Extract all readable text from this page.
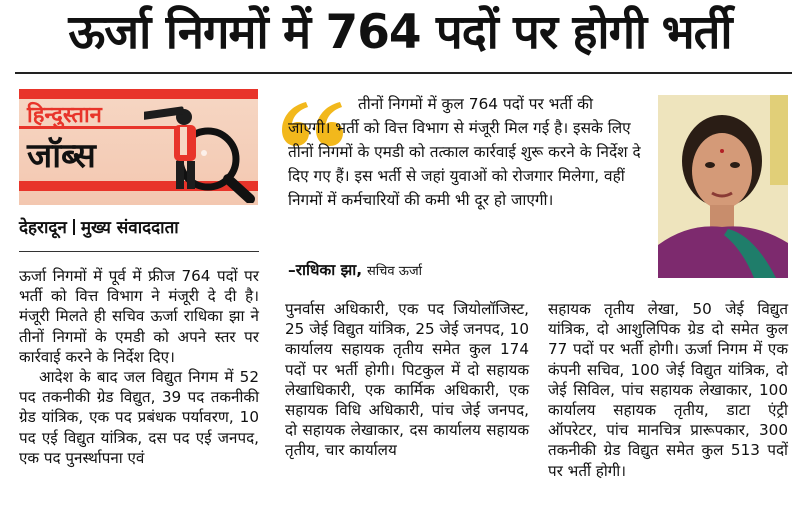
ऊर्जा निगमों में 764 पदों पर होगी भर्ती
हिन्दुस्तान
जॉब्स
देहरादून मुख्य संवाददाता

तीनों निगमों में कुल 764 पदों पर भर्ती की

जाएगी। भर्ती को वित्त विभाग से मंजूरी मिल गई है। इसके लिए तीनों निगमों के एमडी को तत्काल कार्रवाई शुरू करने के निर्देश दे दिए गए हैं। इस भर्ती से जहां युवाओं को रोजगार मिलेगा, वहीं निगमों में कर्मचारियों की कमी भी दूर हो जाएगी।

–राधिका झा, सचिव ऊर्जा

ऊर्जा निगमों में पूर्व में फ्रीज 764 पदों पर भर्ती को वित्त विभाग ने मंजूरी दे दी है। मंजूरी मिलते ही सचिव ऊर्जा राधिका झा ने तीनों निगमों के एमडी को अपने स्तर पर कार्रवाई करने के निर्देश दिए।

आदेश के बाद जल विद्युत निगम में 52 पद तकनीकी ग्रेड विद्युत, 39 पद तकनीकी ग्रेड यांत्रिक, एक पद प्रबंधक पर्यावरण, 10 पद एई विद्युत यांत्रिक, दस पद एई जनपद, एक पद पुनर्स्थापना एवं

पुनर्वास अधिकारी, एक पद जियोलॉजिस्ट, 25 जेई विद्युत यांत्रिक, 25 जेई जनपद, 10 कार्यालय सहायक तृतीय समेत कुल 174 पदों पर भर्ती होगी। पिटकुल में दो सहायक लेखाधिकारी, एक कार्मिक अधिकारी, एक सहायक विधि अधिकारी, पांच जेई जनपद, दो सहायक लेखाकार, दस कार्यालय सहायक तृतीय, चार कार्यालय

सहायक तृतीय लेखा, 50 जेई विद्युत यांत्रिक, दो आशुलिपिक ग्रेड दो समेत कुल 77 पदों पर भर्ती होगी। ऊर्जा निगम में एक कंपनी सचिव, 100 जेई विद्युत यांत्रिक, दो जेई सिविल, पांच सहायक लेखाकार, 100 कार्यालय सहायक तृतीय, डाटा एंट्री ऑपरेटर, पांच मानचित्र प्रारूपकार, 300 तकनीकी ग्रेड विद्युत समेत कुल 513 पदों पर भर्ती होगी।
